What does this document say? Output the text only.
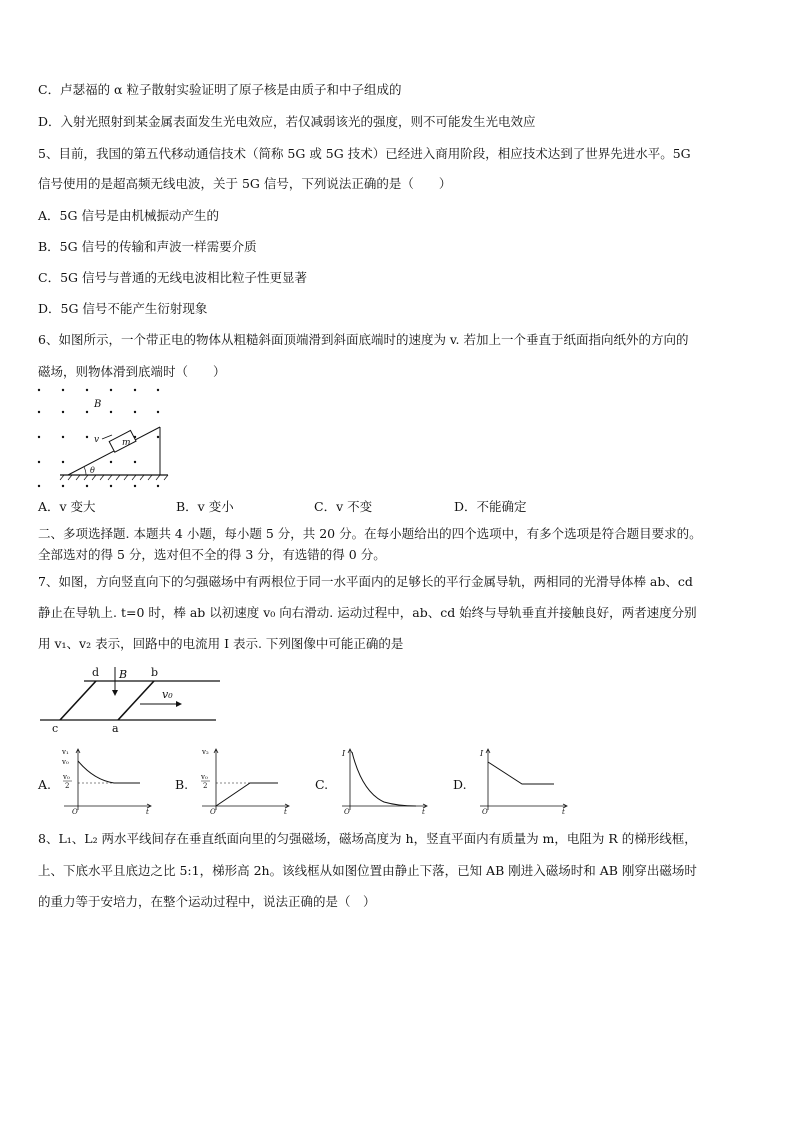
C．卢瑟福的 α 粒子散射实验证明了原子核是由质子和中子组成的
D．入射光照射到某金属表面发生光电效应，若仅减弱该光的强度，则不可能发生光电效应
5、目前，我国的第五代移动通信技术（简称 5G 或 5G 技术）已经进入商用阶段，相应技术达到了世界先进水平。5G
信号使用的是超高频无线电波，关于 5G 信号，下列说法正确的是（　　）
A．5G 信号是由机械振动产生的
B．5G 信号的传输和声波一样需要介质
C．5G 信号与普通的无线电波相比粒子性更显著
D．5G 信号不能产生衍射现象
6、如图所示，一个带正电的物体从粗糙斜面顶端滑到斜面底端时的速度为 v. 若加上一个垂直于纸面指向纸外的方向的
磁场，则物体滑到底端时（　　）
B
m
v
θ
A．v 变大	B．v 变小	C．v 不变	D．不能确定
二、多项选择题. 本题共 4 小题，每小题 5 分，共 20 分。在每小题给出的四个选项中，有多个选项是符合题目要求的。
全部选对的得 5 分，选对但不全的得 3 分，有选错的得 0 分。
7、如图，方向竖直向下的匀强磁场中有两根位于同一水平面内的足够长的平行金属导轨，两相同的光滑导体棒 ab、cd
静止在导轨上. t=0 时，棒 ab 以初速度 v₀ 向右滑动. 运动过程中，ab、cd 始终与导轨垂直并接触良好，两者速度分别
用 v₁、v₂ 表示，回路中的电流用 I 表示. 下列图像中可能正确的是
d	b
c	a
B
v₀
A.
v₁
v₀
v₀
2
O	t
B.
v₂
v₀
2
O	t
C.
I
O	t
D.
I
O	t
8、L₁、L₂ 两水平线间存在垂直纸面向里的匀强磁场，磁场高度为 h，竖直平面内有质量为 m，电阻为 R 的梯形线框，
上、下底水平且底边之比 5:1，梯形高 2h。该线框从如图位置由静止下落，已知 AB 刚进入磁场时和 AB 刚穿出磁场时
的重力等于安培力，在整个运动过程中，说法正确的是（　）
